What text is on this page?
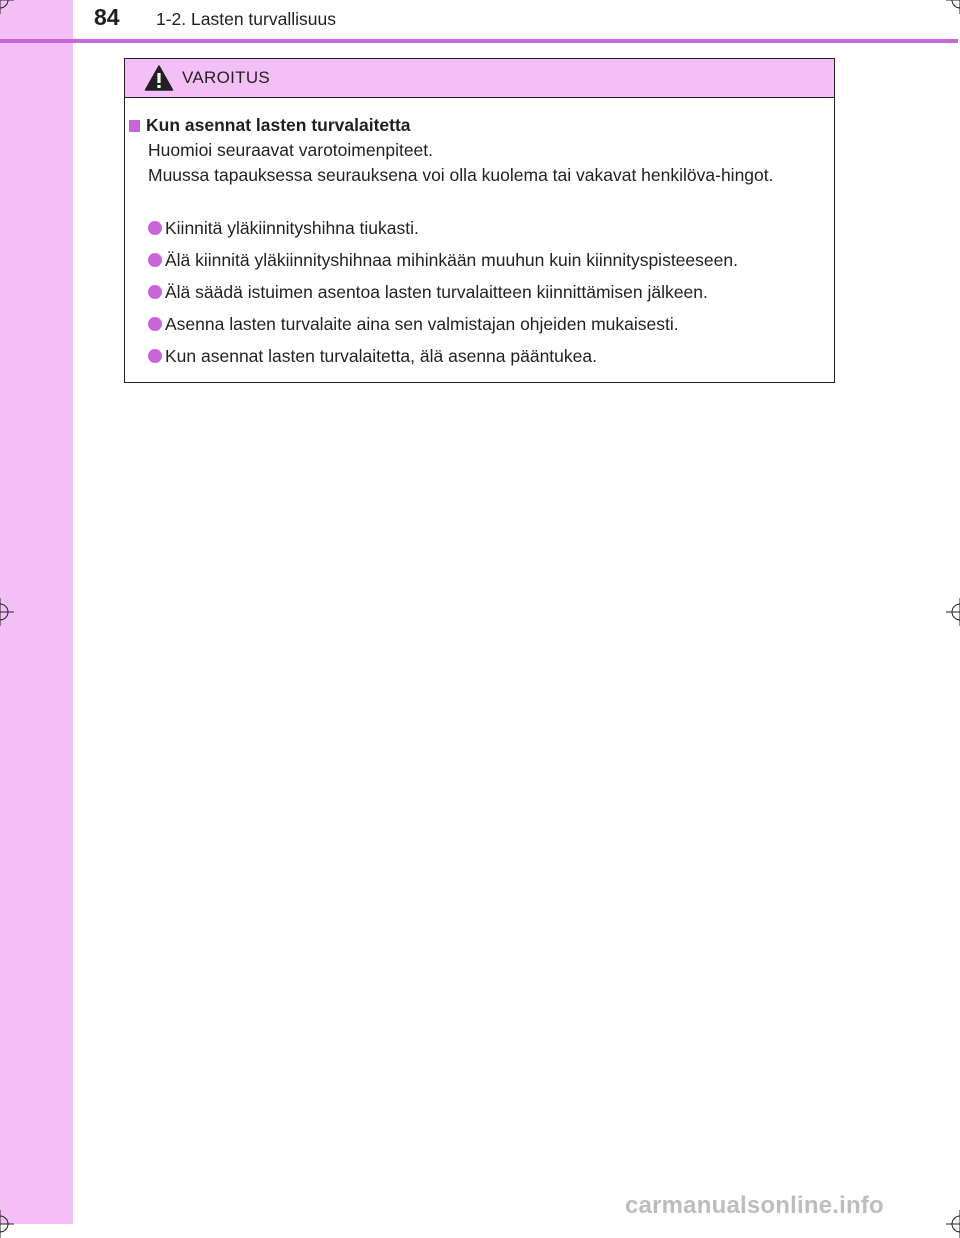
84 1-2. Lasten turvallisuus
VAROITUS
Kun asennat lasten turvalaitetta

Huomioi seuraavat varotoimenpiteet.

Muussa tapauksessa seurauksena voi olla kuolema tai vakavat henkilöva-hingot.

Kiinnitä yläkiinnityshihna tiukasti.
Älä kiinnitä yläkiinnityshihnaa mihinkään muuhun kuin kiinnityspisteeseen.
Älä säädä istuimen asentoa lasten turvalaitteen kiinnittämisen jälkeen.
Asenna lasten turvalaite aina sen valmistajan ohjeiden mukaisesti.
Kun asennat lasten turvalaitetta, älä asenna pääntukea.
carmanualsonline.info
